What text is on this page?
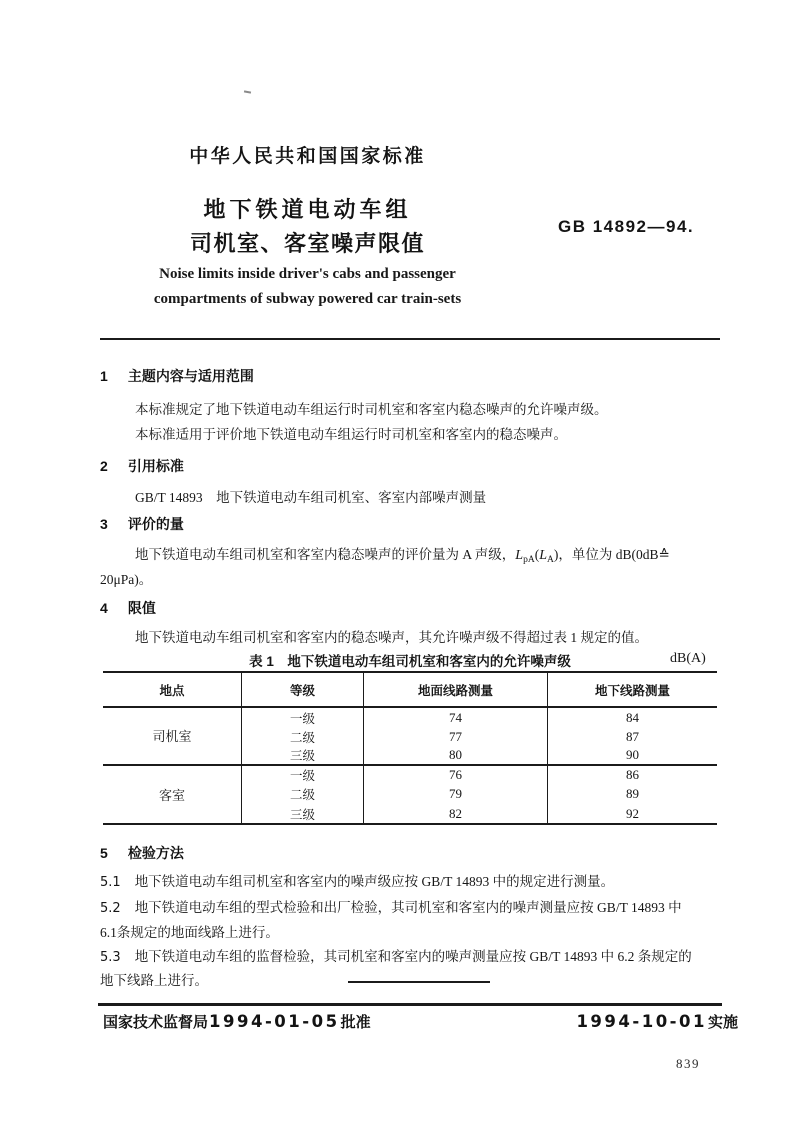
中华人民共和国国家标准
地下铁道电动车组
司机室、客室噪声限值
Noise limits inside driver's cabs and passenger
compartments of subway powered car train-sets
GB 14892—94.
1 主题内容与适用范围
本标准规定了地下铁道电动车组运行时司机室和客室内稳态噪声的允许噪声级。
本标准适用于评价地下铁道电动车组运行时司机室和客室内的稳态噪声。
2 引用标准
GB/T 14893　地下铁道电动车组司机室、客室内部噪声测量
3 评价的量
地下铁道电动车组司机室和客室内稳态噪声的评价量为 A 声级，$L_{pA}(L_A)$，单位为 dB(0dB≙
20μPa)。
4 限值
地下铁道电动车组司机室和客室内的稳态噪声，其允许噪声级不得超过表 1 规定的值。
表 1　地下铁道电动车组司机室和客室内的允许噪声级	dB(A)
地点	等级	地面线路测量	地下线路测量
司机室
一级	74	84
二级	77	87
三级	80	90
客室
一级	76	86
二级	79	89
三级	82	92
5 检验方法
5.1 地下铁道电动车组司机室和客室内的噪声级应按 GB/T 14893 中的规定进行测量。
5.2 地下铁道电动车组的型式检验和出厂检验，其司机室和客室内的噪声测量应按 GB/T 14893 中
6.1条规定的地面线路上进行。
5.3 地下铁道电动车组的监督检验，其司机室和客室内的噪声测量应按 GB/T 14893 中 6.2 条规定的
地下线路上进行。
国家技术监督局1994-01-05批准	1994-10-01实施
839
